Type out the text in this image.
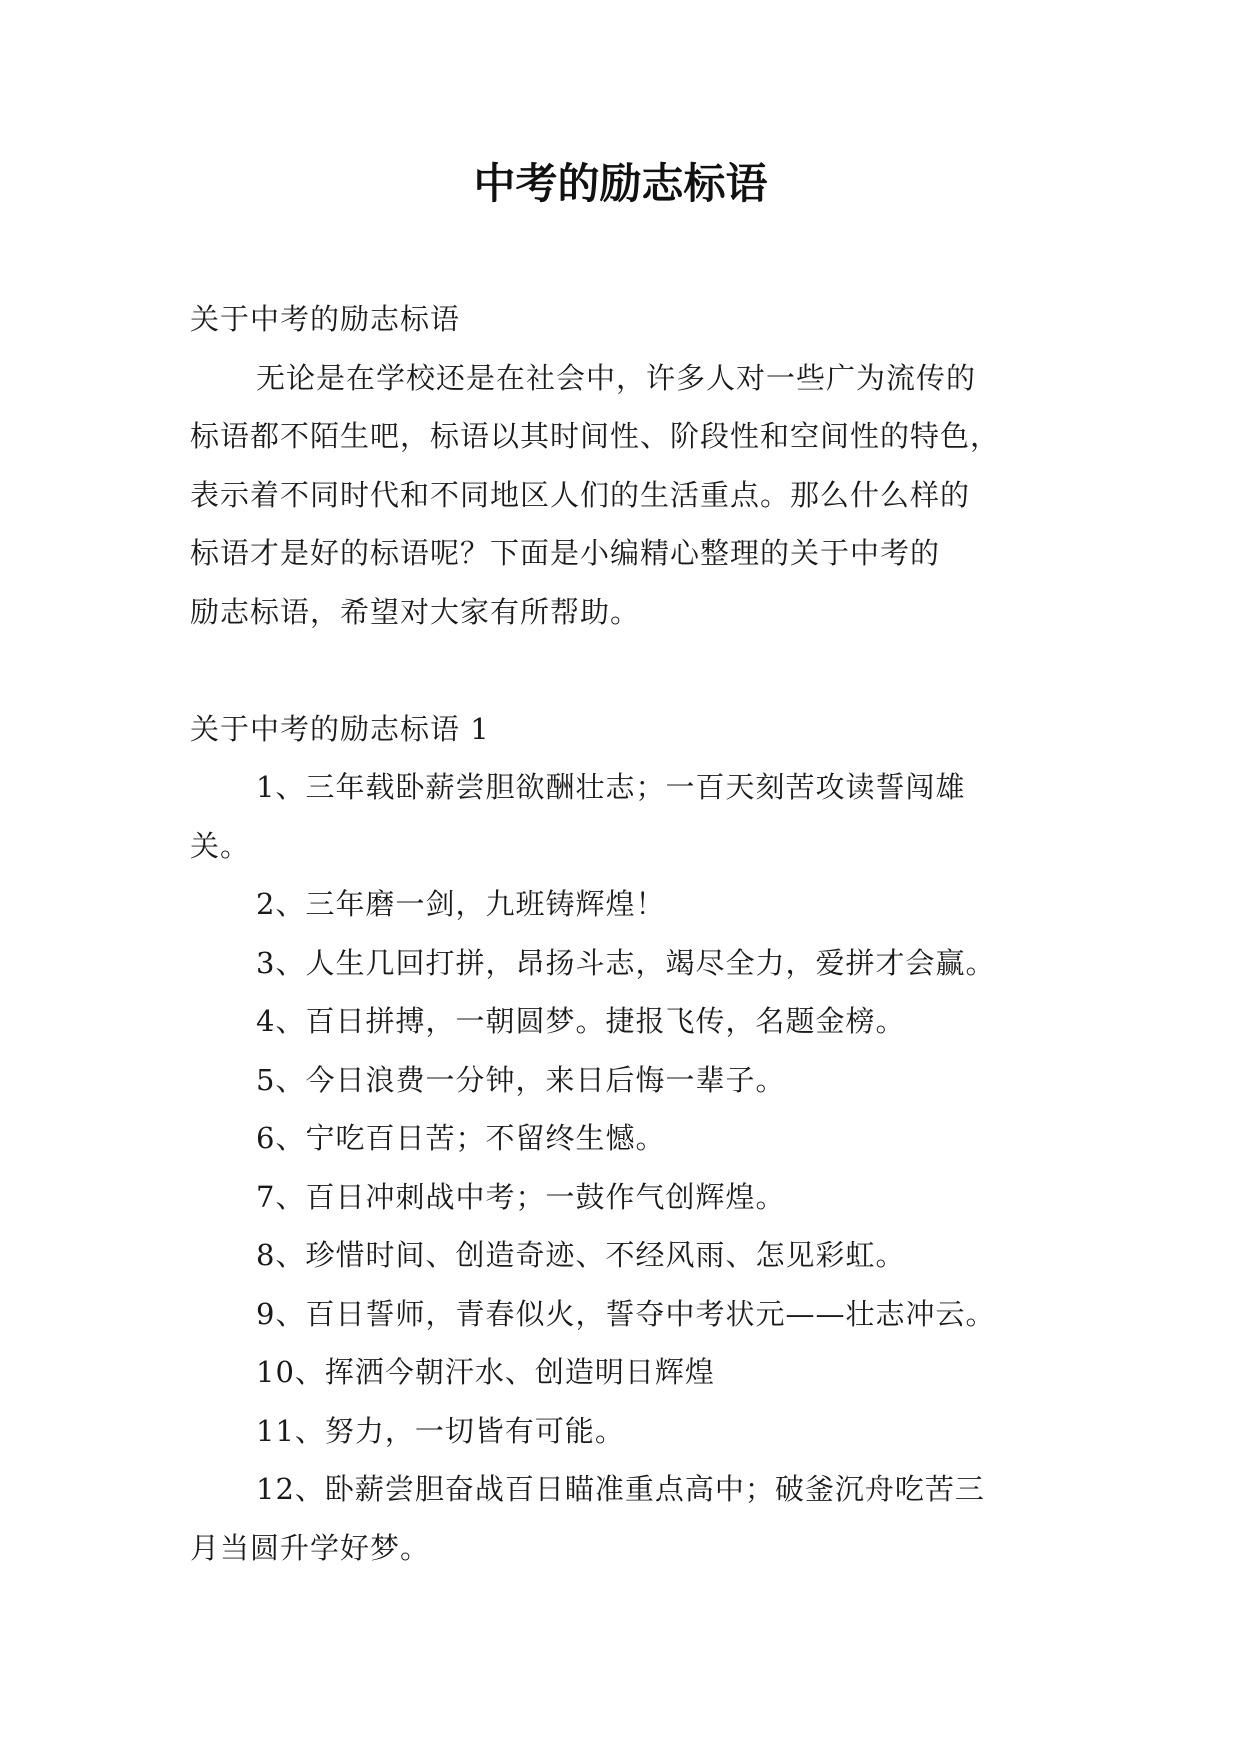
中考的励志标语
关于中考的励志标语
无论是在学校还是在社会中，许多人对一些广为流传的
标语都不陌生吧，标语以其时间性、阶段性和空间性的特色，
表示着不同时代和不同地区人们的生活重点。那么什么样的
标语才是好的标语呢？下面是小编精心整理的关于中考的
励志标语，希望对大家有所帮助。
关于中考的励志标语 1
1、三年载卧薪尝胆欲酬壮志；一百天刻苦攻读誓闯雄
关。
2、三年磨一剑，九班铸辉煌！
3、人生几回打拼，昂扬斗志，竭尽全力，爱拼才会赢。
4、百日拼搏，一朝圆梦。捷报飞传，名题金榜。
5、今日浪费一分钟，来日后悔一辈子。
6、宁吃百日苦；不留终生憾。
7、百日冲刺战中考；一鼓作气创辉煌。
8、珍惜时间、创造奇迹、不经风雨、怎见彩虹。
9、百日誓师，青春似火，誓夺中考状元——壮志冲云。
10、挥洒今朝汗水、创造明日辉煌
11、努力，一切皆有可能。
12、卧薪尝胆奋战百日瞄准重点高中；破釜沉舟吃苦三
月当圆升学好梦。
